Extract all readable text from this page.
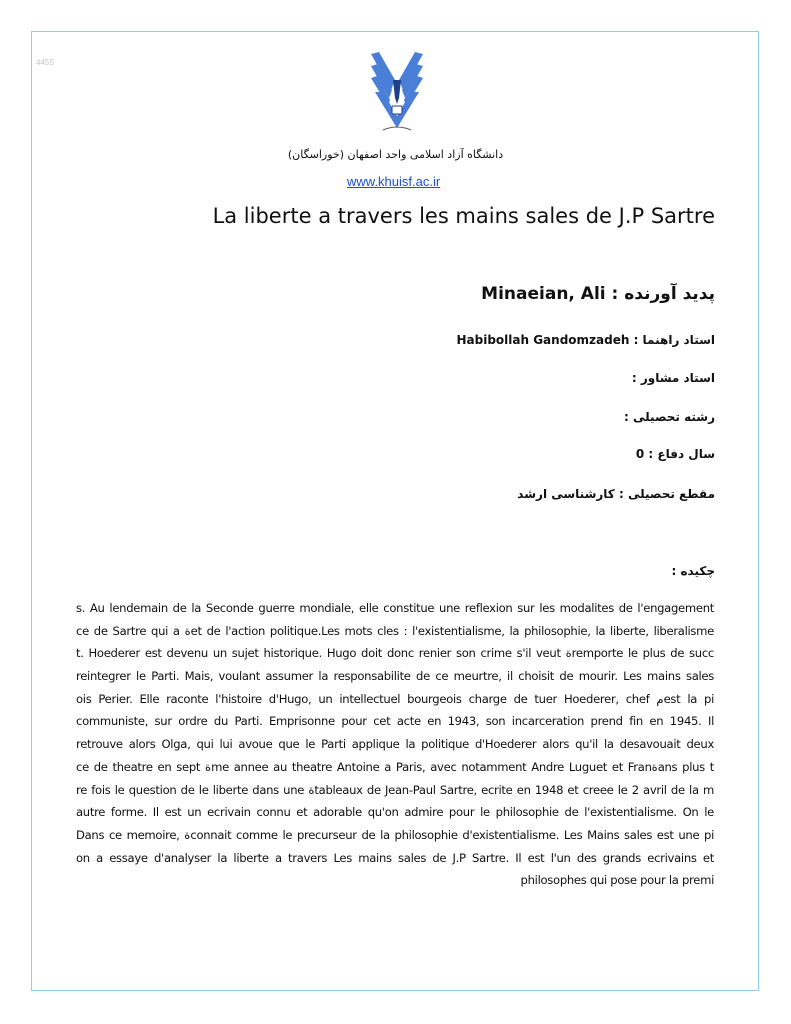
4455
دانشگاه آزاد اسلامی واحد اصفهان (خوراسگان)
www.khuisf.ac.ir
La liberte a travers les mains sales de J.P Sartre
پدید آورنده : Minaeian, Ali
استاد راهنما : Habibollah Gandomzadeh
استاد مشاور :
رشته تحصیلی :
سال دفاع : 0
مقطع تحصیلی : کارشناسی ارشد
چکیده :
s. Au lendemain de la Seconde guerre mondiale, elle constitue une reflexion sur les modalites de l'engagement
ce de Sartre qui a ةet de l'action politique.Les mots cles : l'existentialisme, la philosophie, la liberte, liberalisme
t. Hoederer est devenu un sujet historique. Hugo doit donc renier son crime s'il veut ةremporte le plus de succ
reintegrer le Parti. Mais, voulant assumer la responsabilite de ce meurtre, il choisit de mourir. Les mains sales
ois Perier. Elle raconte l'histoire d'Hugo, un intellectuel bourgeois charge de tuer Hoederer, chef مest la pi
communiste, sur ordre du Parti. Emprisonne pour cet acte en 1943, son incarceration prend fin en 1945. Il
retrouve alors Olga, qui lui avoue que le Parti applique la politique d'Hoederer alors qu'il la desavouait deux
ce de theatre en sept ةme annee au theatre Antoine a Paris, avec notamment Andre Luguet et Franةans plus t
re fois le question de le liberte dans une ةtableaux de Jean-Paul Sartre, ecrite en 1948 et creee le 2 avril de la m
autre forme. Il est un ecrivain connu et adorable qu'on admire pour le philosophie de l'existentialisme. On le
Dans ce memoire, ةconnait comme le precurseur de la philosophie d'existentialisme. Les Mains sales est une pi
on a essaye d'analyser la liberte a travers Les mains sales de J.P Sartre. Il est l'un des grands ecrivains et
philosophes qui pose pour la premi
